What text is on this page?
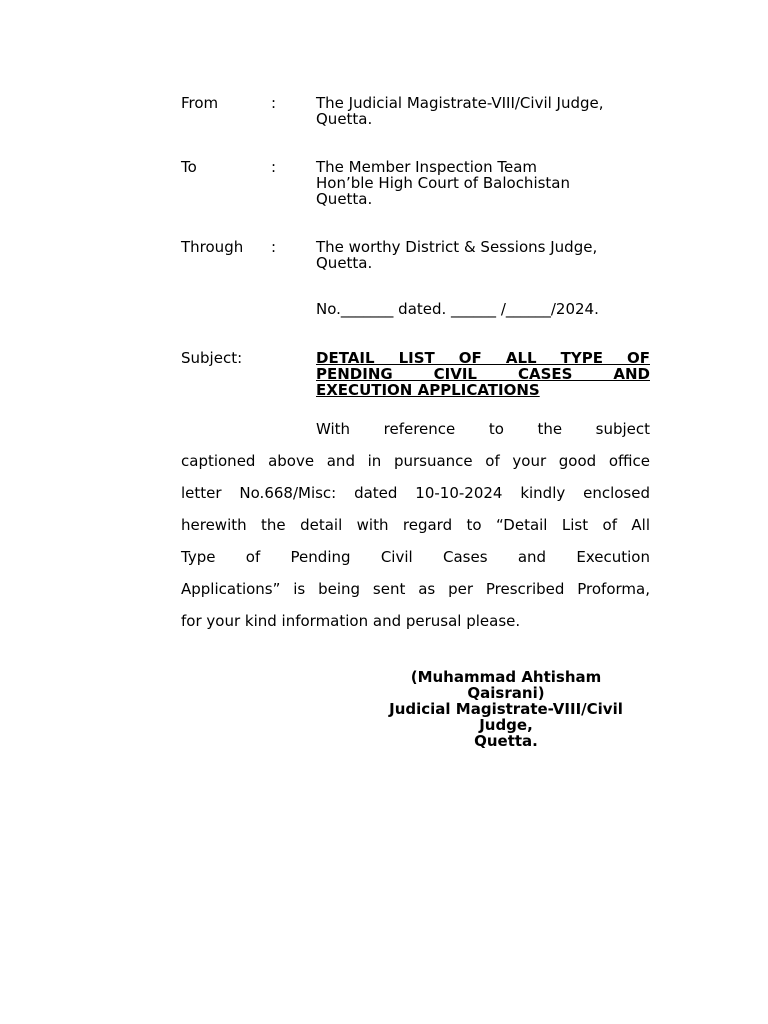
From	:	The Judicial Magistrate-VIII/Civil Judge,
Quetta.
To	:	The Member Inspection Team
Hon’ble High Court of Balochistan
Quetta.
Through :	The worthy District & Sessions Judge,
Quetta.
No._______ dated. ______ /______/2024.
Subject:	DETAIL LIST OF ALL TYPE OF
PENDING CIVIL CASES AND
EXECUTION APPLICATIONS
With reference to the subject
captioned above and in pursuance of your good office
letter No.668/Misc: dated 10-10-2024 kindly enclosed
herewith the detail with regard to “Detail List of All
Type of Pending Civil Cases and Execution
Applications” is being sent as per Prescribed Proforma,
for your kind information and perusal please.
(Muhammad Ahtisham
Qaisrani)
Judicial Magistrate-VIII/Civil
Judge,
Quetta.
